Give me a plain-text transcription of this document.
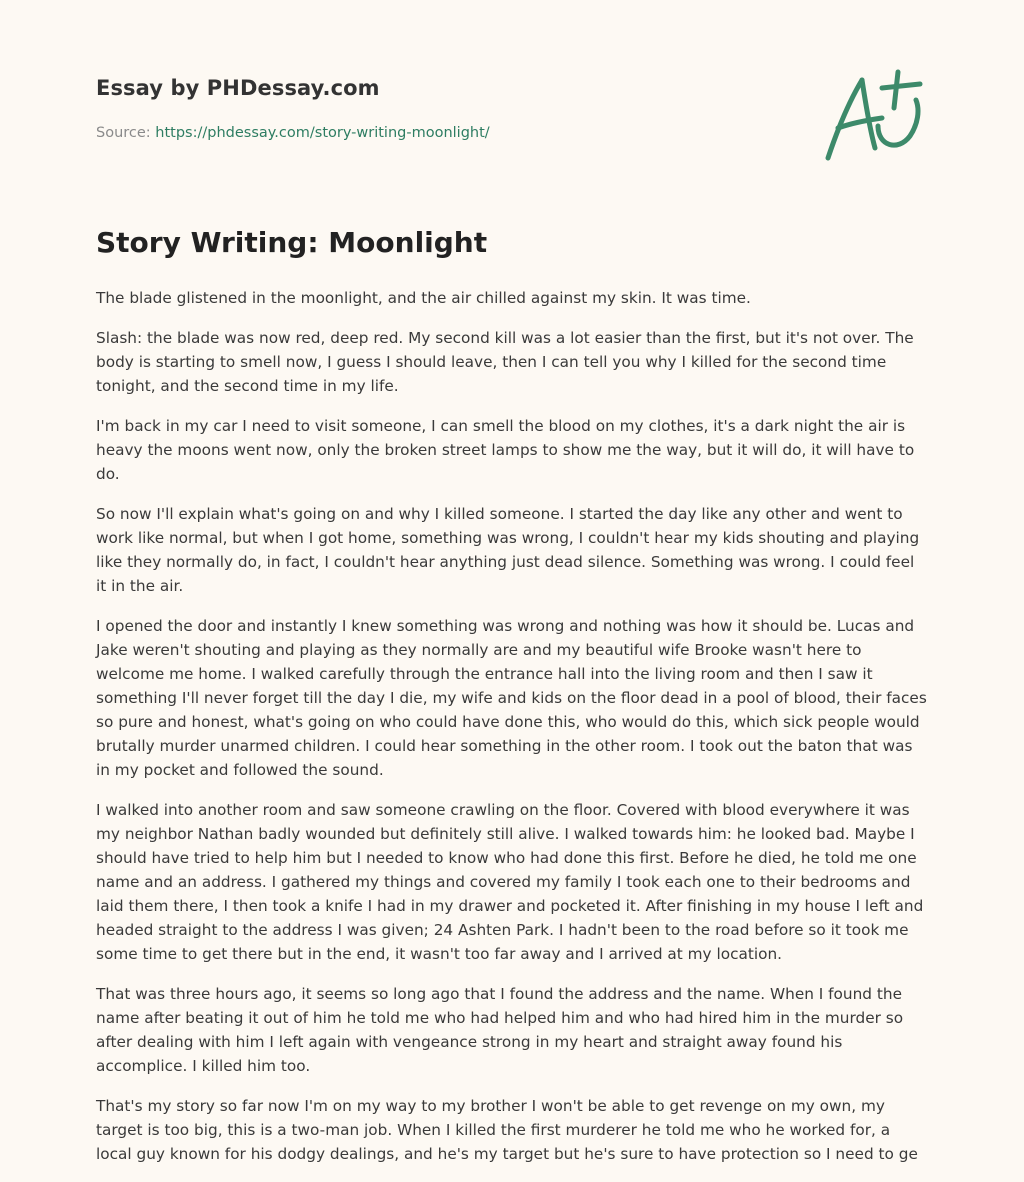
Essay by PHDessay.com
Source: https://phdessay.com/story-writing-moonlight/
Story Writing: Moonlight

The blade glistened in the moonlight, and the air chilled against my skin. It was time.

Slash: the blade was now red, deep red. My second kill was a lot easier than the first, but it's not over. The body is starting to smell now, I guess I should leave, then I can tell you why I killed for the second time tonight, and the second time in my life.

I'm back in my car I need to visit someone, I can smell the blood on my clothes, it's a dark night the air is heavy the moons went now, only the broken street lamps to show me the way, but it will do, it will have to do.

So now I'll explain what's going on and why I killed someone. I started the day like any other and went to work like normal, but when I got home, something was wrong, I couldn't hear my kids shouting and playing like they normally do, in fact, I couldn't hear anything just dead silence. Something was wrong. I could feel it in the air.

I opened the door and instantly I knew something was wrong and nothing was how it should be. Lucas and Jake weren't shouting and playing as they normally are and my beautiful wife Brooke wasn't here to welcome me home. I walked carefully through the entrance hall into the living room and then I saw it something I'll never forget till the day I die, my wife and kids on the floor dead in a pool of blood, their faces so pure and honest, what's going on who could have done this, who would do this, which sick people would brutally murder unarmed children. I could hear something in the other room. I took out the baton that was in my pocket and followed the sound.

I walked into another room and saw someone crawling on the floor. Covered with blood everywhere it was my neighbor Nathan badly wounded but definitely still alive. I walked towards him: he looked bad. Maybe I should have tried to help him but I needed to know who had done this first. Before he died, he told me one name and an address. I gathered my things and covered my family I took each one to their bedrooms and laid them there, I then took a knife I had in my drawer and pocketed it. After finishing in my house I left and headed straight to the address I was given; 24 Ashten Park. I hadn't been to the road before so it took me some time to get there but in the end, it wasn't too far away and I arrived at my location.

That was three hours ago, it seems so long ago that I found the address and the name. When I found the name after beating it out of him he told me who had helped him and who had hired him in the murder so after dealing with him I left again with vengeance strong in my heart and straight away found his accomplice. I killed him too.

That's my story so far now I'm on my way to my brother I won't be able to get revenge on my own, my target is too big, this is a two-man job. When I killed the first murderer he told me who he worked for, a local guy known for his dodgy dealings, and he's my target but he's sure to have protection so I need to ge
